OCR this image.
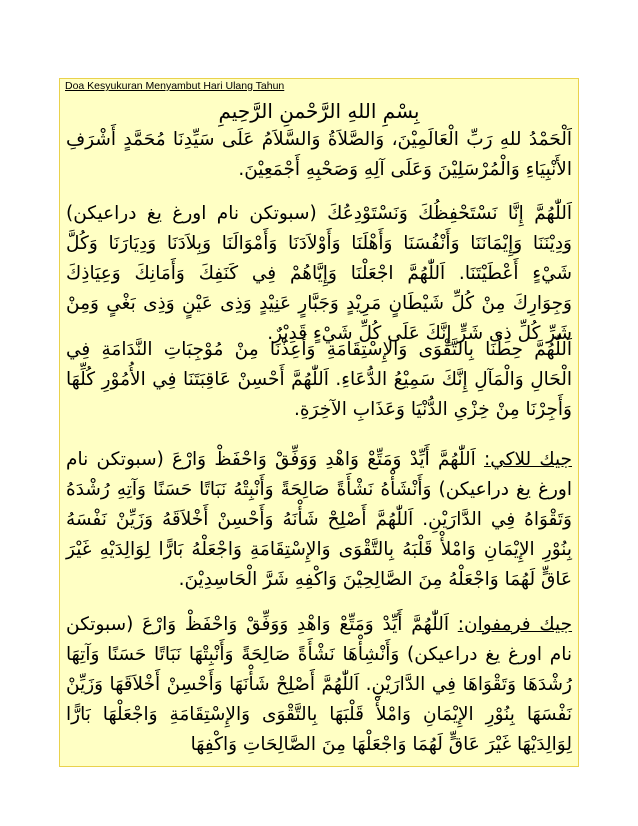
Doa Kesyukuran Menyambut Hari Ulang Tahun
بِسْمِ اللهِ الرَّحْمنِ الرَّحِيمِ
اَلْحَمْدُ للهِ رَبِّ الْعَالَمِيْنَ، وَالصَّلاَةُ وَالسَّلاَمُ عَلَى سَيِّدِنَا مُحَمَّدٍ أَشْرَفِ الأَنْبِيَاءِ وَالْمُرْسَلِيْنَ وَعَلَى آلِهِ وَصَحْبِهِ أَجْمَعِيْنَ.
اَللّٰهُمَّ إِنَّا نَسْتَحْفِظُكَ وَنَسْتَوْدِعُكَ (سبوتكن نام اورغ يغ دراعيكن) وَدِيْنَنَا وَإِيْمَانَنَا وَأَنْفُسَنَا وَأَهْلَنَا وَأَوْلاَدَنَا وَأَمْوَالَنَا وَبِلاَدَنَا وَدِيَارَنَا وَكُلَّ شَيْءٍ أَعْطَيْتَنَا. اَللّٰهُمَّ اجْعَلْنَا وَإِيَّاهُمْ فِي كَنَفِكَ وَأَمَانِكَ وَعِيَاذِكَ وَجِوَارِكَ مِنْ كُلِّ شَيْطَانٍ مَرِيْدٍ وَجَبَّارٍ عَنِيْدٍ وَذِى عَيْنٍ وَذِى بَغْىٍ وَمِنْ شَرِّ كُلِّ ذِى شَرٍّ إِنَّكَ عَلَى كُلِّ شَيْءٍ قَدِيْرٌ.
اَللّٰهُمَّ حِطْنَا بِالتَّقْوَى وَالإِسْتِقَامَةِ وَأَعِذْنَا مِنْ مُوْجِبَاتِ النَّدَامَةِ فِي الْحَالِ وَالْمَآلِ إِنَّكَ سَمِيْعُ الدُّعَاءِ. اَللّٰهُمَّ أَحْسِنْ عَاقِبَتَنَا فِي الأُمُوْرِ كُلِّهَا وَأَجِرْنَا مِنْ خِزْىِ الدُّنْيَا وَعَذَابِ الآخِرَةِ.
جيك للاکي: اَللّٰهُمَّ أَيِّدْ وَمَتِّعْ وَاهْدِ وَوَفِّقْ وَاحْفَظْ وَارْعَ (سبوتكن نام اورغ يغ دراعيكن) وَأَنْشَأْهُ نَشْأَةً صَالِحَةً وَأَنْبِتْهُ نَبَاتًا حَسَنًا وَآتِهِ رُشْدَهُ وَتَقْوَاهُ فِي الدَّارَيْنِ. اَللّٰهُمَّ أَصْلِحْ شَأْنَهُ وَأَحْسِنْ أَخْلاَقَهُ وَزَيِّنْ نَفْسَهُ بِنُوْرِ الإِيْمَانِ وَامْلأْ قَلْبَهُ بِالتَّقْوَى وَالإِسْتِقَامَةِ وَاجْعَلْهُ بَارًّا لِوَالِدَيْهِ غَيْرَ عَاقٍّ لَهُمَا وَاجْعَلْهُ مِنَ الصَّالِحِيْنَ وَاكْفِهِ شَرَّ الْحَاسِدِيْنَ.
جيك فرمفوان: اَللّٰهُمَّ أَيِّدْ وَمَتِّعْ وَاهْدِ وَوَفِّقْ وَاحْفَظْ وَارْعَ (سبوتكن نام اورغ يغ دراعيكن) وَأَنْشِأْهَا نَشْأَةً صَالِحَةً وَأَنْبِتْهَا نَبَاتًا حَسَنًا وَآتِهَا رُشْدَهَا وَتَقْوَاهَا فِي الدَّارَيْنِ. اَللّٰهُمَّ أَصْلِحْ شَأْنَهَا وَأَحْسِنْ أَخْلاَقَهَا وَزَيِّنْ نَفْسَهَا بِنُوْرِ الإِيْمَانِ وَامْلأْ قَلْبَهَا بِالتَّقْوَى وَالإِسْتِقَامَةِ وَاجْعَلْهَا بَارًّا لِوَالِدَيْهَا غَيْرَ عَاقٍّ لَهُمَا وَاجْعَلْهَا مِنَ الصَّالِحَاتِ وَاكْفِهَا
